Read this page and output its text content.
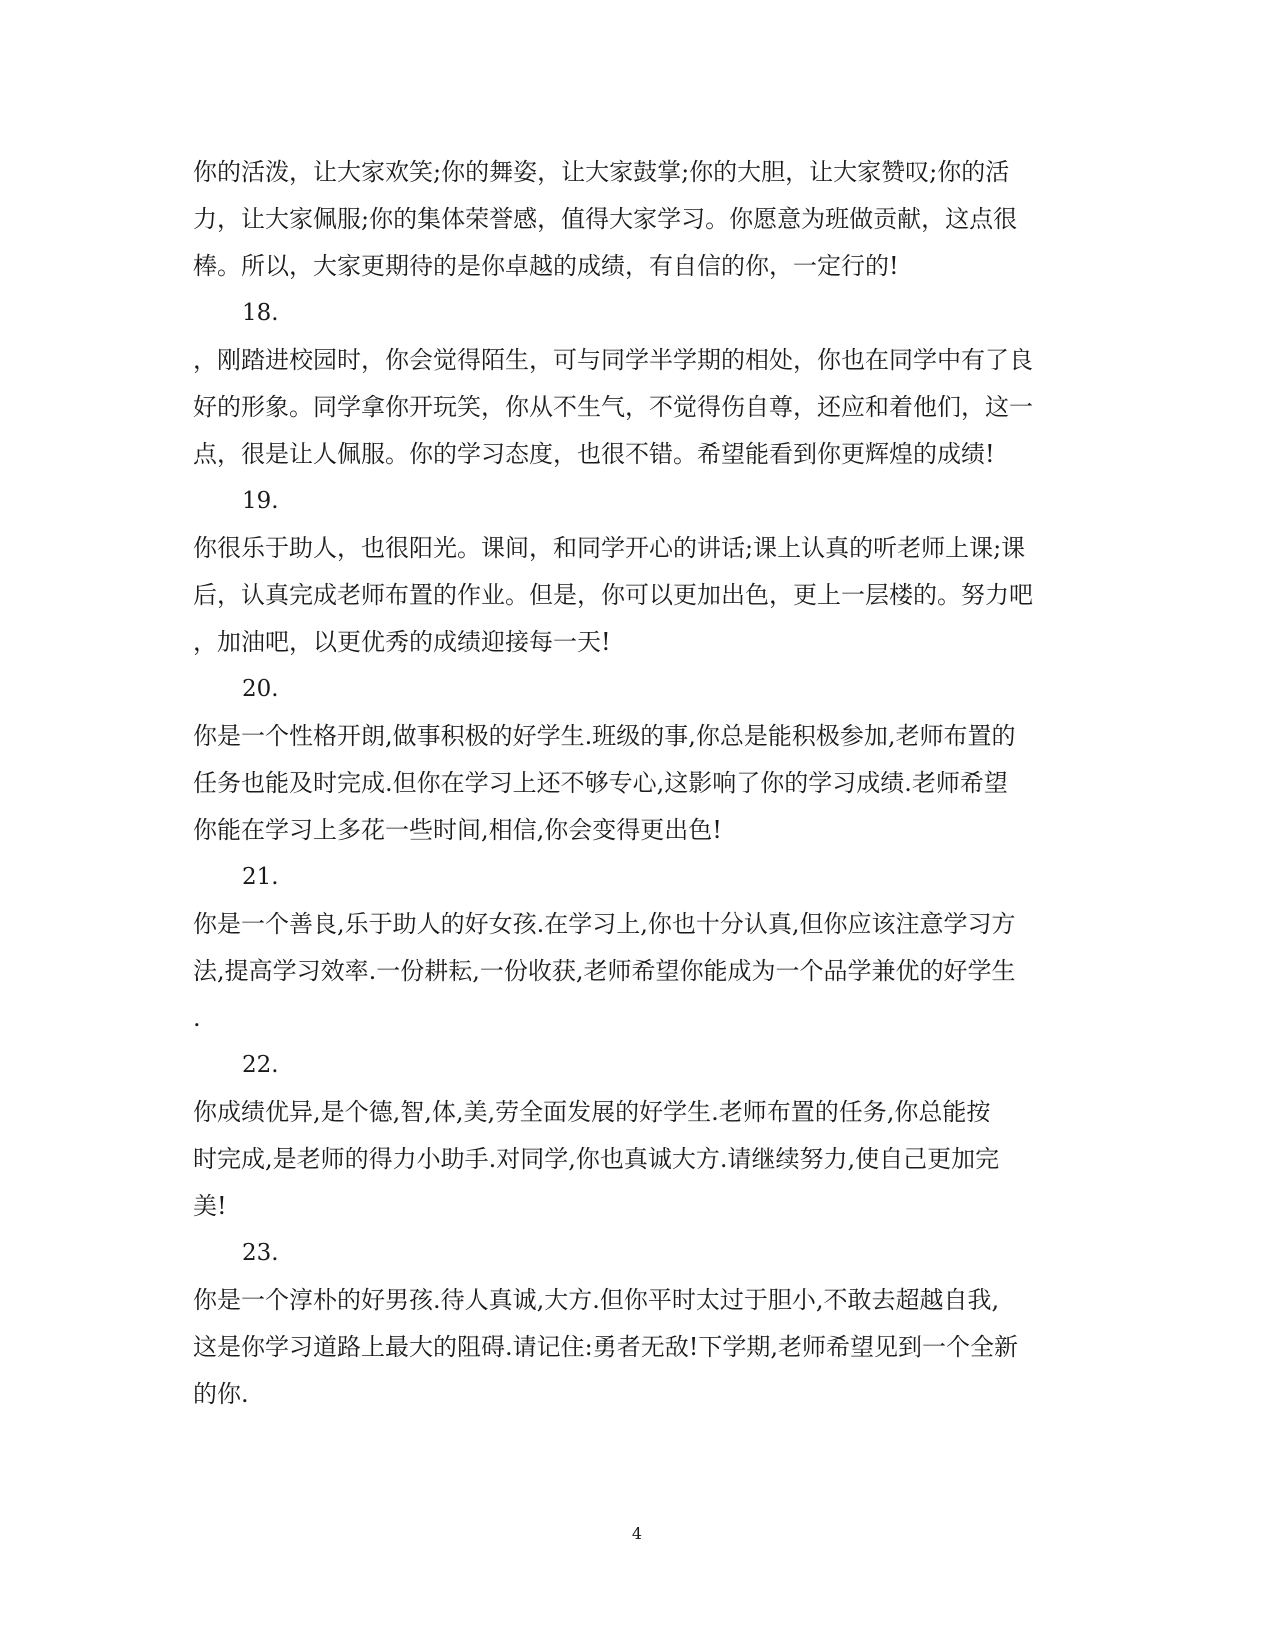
你的活泼，让大家欢笑;你的舞姿，让大家鼓掌;你的大胆，让大家赞叹;你的活

力，让大家佩服;你的集体荣誉感，值得大家学习。你愿意为班做贡献，这点很

棒。所以，大家更期待的是你卓越的成绩，有自信的你，一定行的!

18.

，刚踏进校园时，你会觉得陌生，可与同学半学期的相处，你也在同学中有了良

好的形象。同学拿你开玩笑，你从不生气，不觉得伤自尊，还应和着他们，这一

点，很是让人佩服。你的学习态度，也很不错。希望能看到你更辉煌的成绩!

19.

你很乐于助人，也很阳光。课间，和同学开心的讲话;课上认真的听老师上课;课

后，认真完成老师布置的作业。但是，你可以更加出色，更上一层楼的。努力吧

，加油吧，以更优秀的成绩迎接每一天!

20.

你是一个性格开朗,做事积极的好学生.班级的事,你总是能积极参加,老师布置的

任务也能及时完成.但你在学习上还不够专心,这影响了你的学习成绩.老师希望

你能在学习上多花一些时间,相信,你会变得更出色!

21.

你是一个善良,乐于助人的好女孩.在学习上,你也十分认真,但你应该注意学习方

法,提高学习效率.一份耕耘,一份收获,老师希望你能成为一个品学兼优的好学生

.

22.

你成绩优异,是个德,智,体,美,劳全面发展的好学生.老师布置的任务,你总能按

时完成,是老师的得力小助手.对同学,你也真诚大方.请继续努力,使自己更加完

美!

23.

你是一个淳朴的好男孩.待人真诚,大方.但你平时太过于胆小,不敢去超越自我,

这是你学习道路上最大的阻碍.请记住:勇者无敌!下学期,老师希望见到一个全新

的你.

4
